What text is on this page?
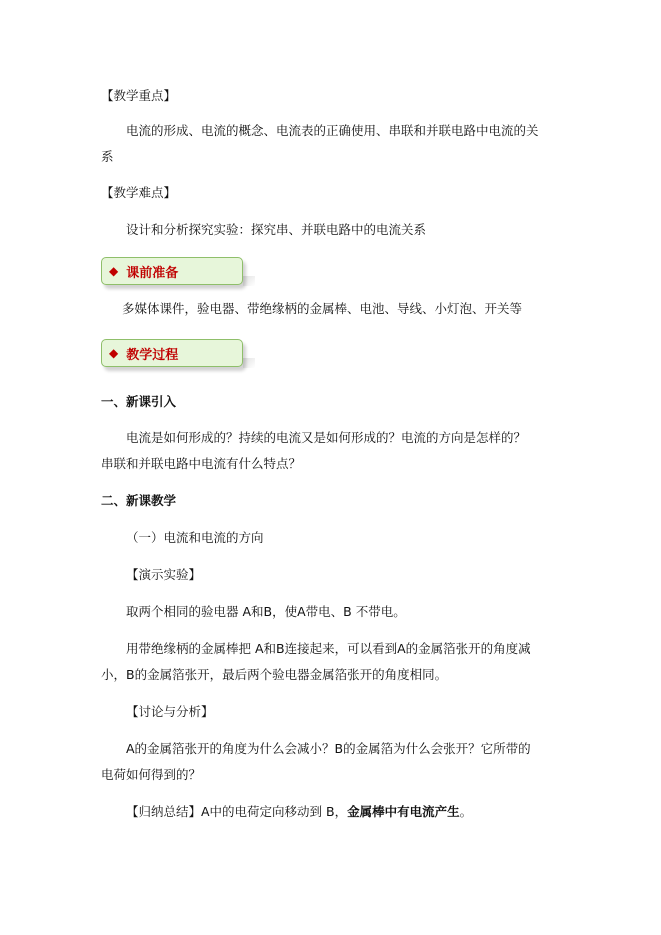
【教学重点】
电流的形成、电流的概念、电流表的正确使用、串联和并联电路中电流的关
系
【教学难点】
设计和分析探究实验：探究串、并联电路中的电流关系
◆ 课前准备
多媒体课件，验电器、带绝缘柄的金属棒、电池、导线、小灯泡、开关等
◆ 教学过程
一、新课引入
电流是如何形成的？持续的电流又是如何形成的？电流的方向是怎样的？
串联和并联电路中电流有什么特点？
二、新课教学
（一）电流和电流的方向
【演示实验】
取两个相同的验电器 A和B，使A带电、B 不带电。
用带绝缘柄的金属棒把 A和B连接起来，可以看到A的金属箔张开的角度减
小，B的金属箔张开，最后两个验电器金属箔张开的角度相同。
【讨论与分析】
A的金属箔张开的角度为什么会减小？B的金属箔为什么会张开？它所带的
电荷如何得到的？
【归纳总结】A中的电荷定向移动到 B，金属棒中有电流产生。
